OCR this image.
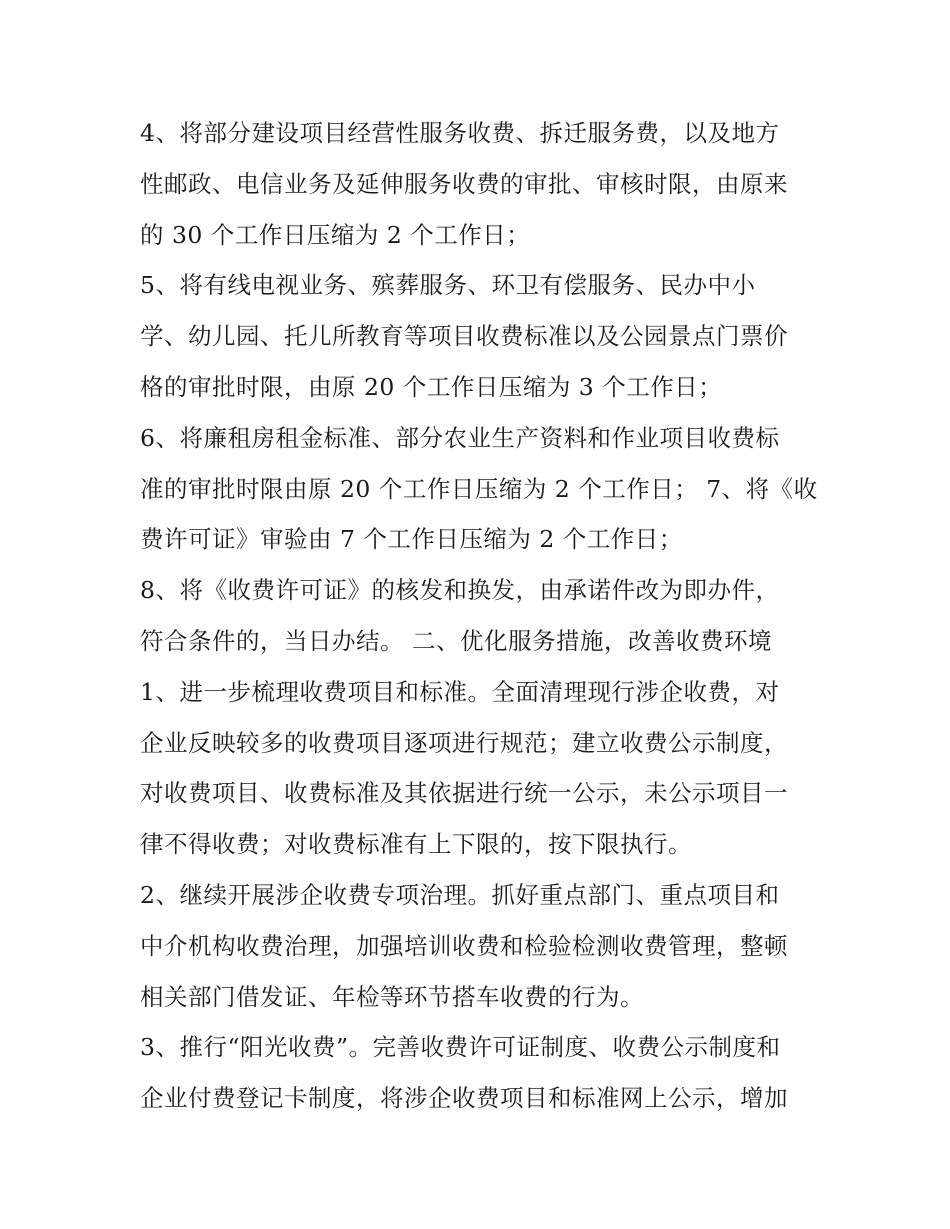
4、将部分建设项目经营性服务收费、拆迁服务费，以及地方
性邮政、电信业务及延伸服务收费的审批、审核时限，由原来
的 30 个工作日压缩为 2 个工作日；
5、将有线电视业务、殡葬服务、环卫有偿服务、民办中小
学、幼儿园、托儿所教育等项目收费标准以及公园景点门票价
格的审批时限，由原 20 个工作日压缩为 3 个工作日；
6、将廉租房租金标准、部分农业生产资料和作业项目收费标
准的审批时限由原 20 个工作日压缩为 2 个工作日； 7、将《收
费许可证》审验由 7 个工作日压缩为 2 个工作日；
8、将《收费许可证》的核发和换发，由承诺件改为即办件，
符合条件的，当日办结。 二、优化服务措施，改善收费环境
1、进一步梳理收费项目和标准。全面清理现行涉企收费，对
企业反映较多的收费项目逐项进行规范；建立收费公示制度，
对收费项目、收费标准及其依据进行统一公示，未公示项目一
律不得收费；对收费标准有上下限的，按下限执行。
2、继续开展涉企收费专项治理。抓好重点部门、重点项目和
中介机构收费治理，加强培训收费和检验检测收费管理，整顿
相关部门借发证、年检等环节搭车收费的行为。
3、推行“阳光收费”。完善收费许可证制度、收费公示制度和
企业付费登记卡制度，将涉企收费项目和标准网上公示，增加
